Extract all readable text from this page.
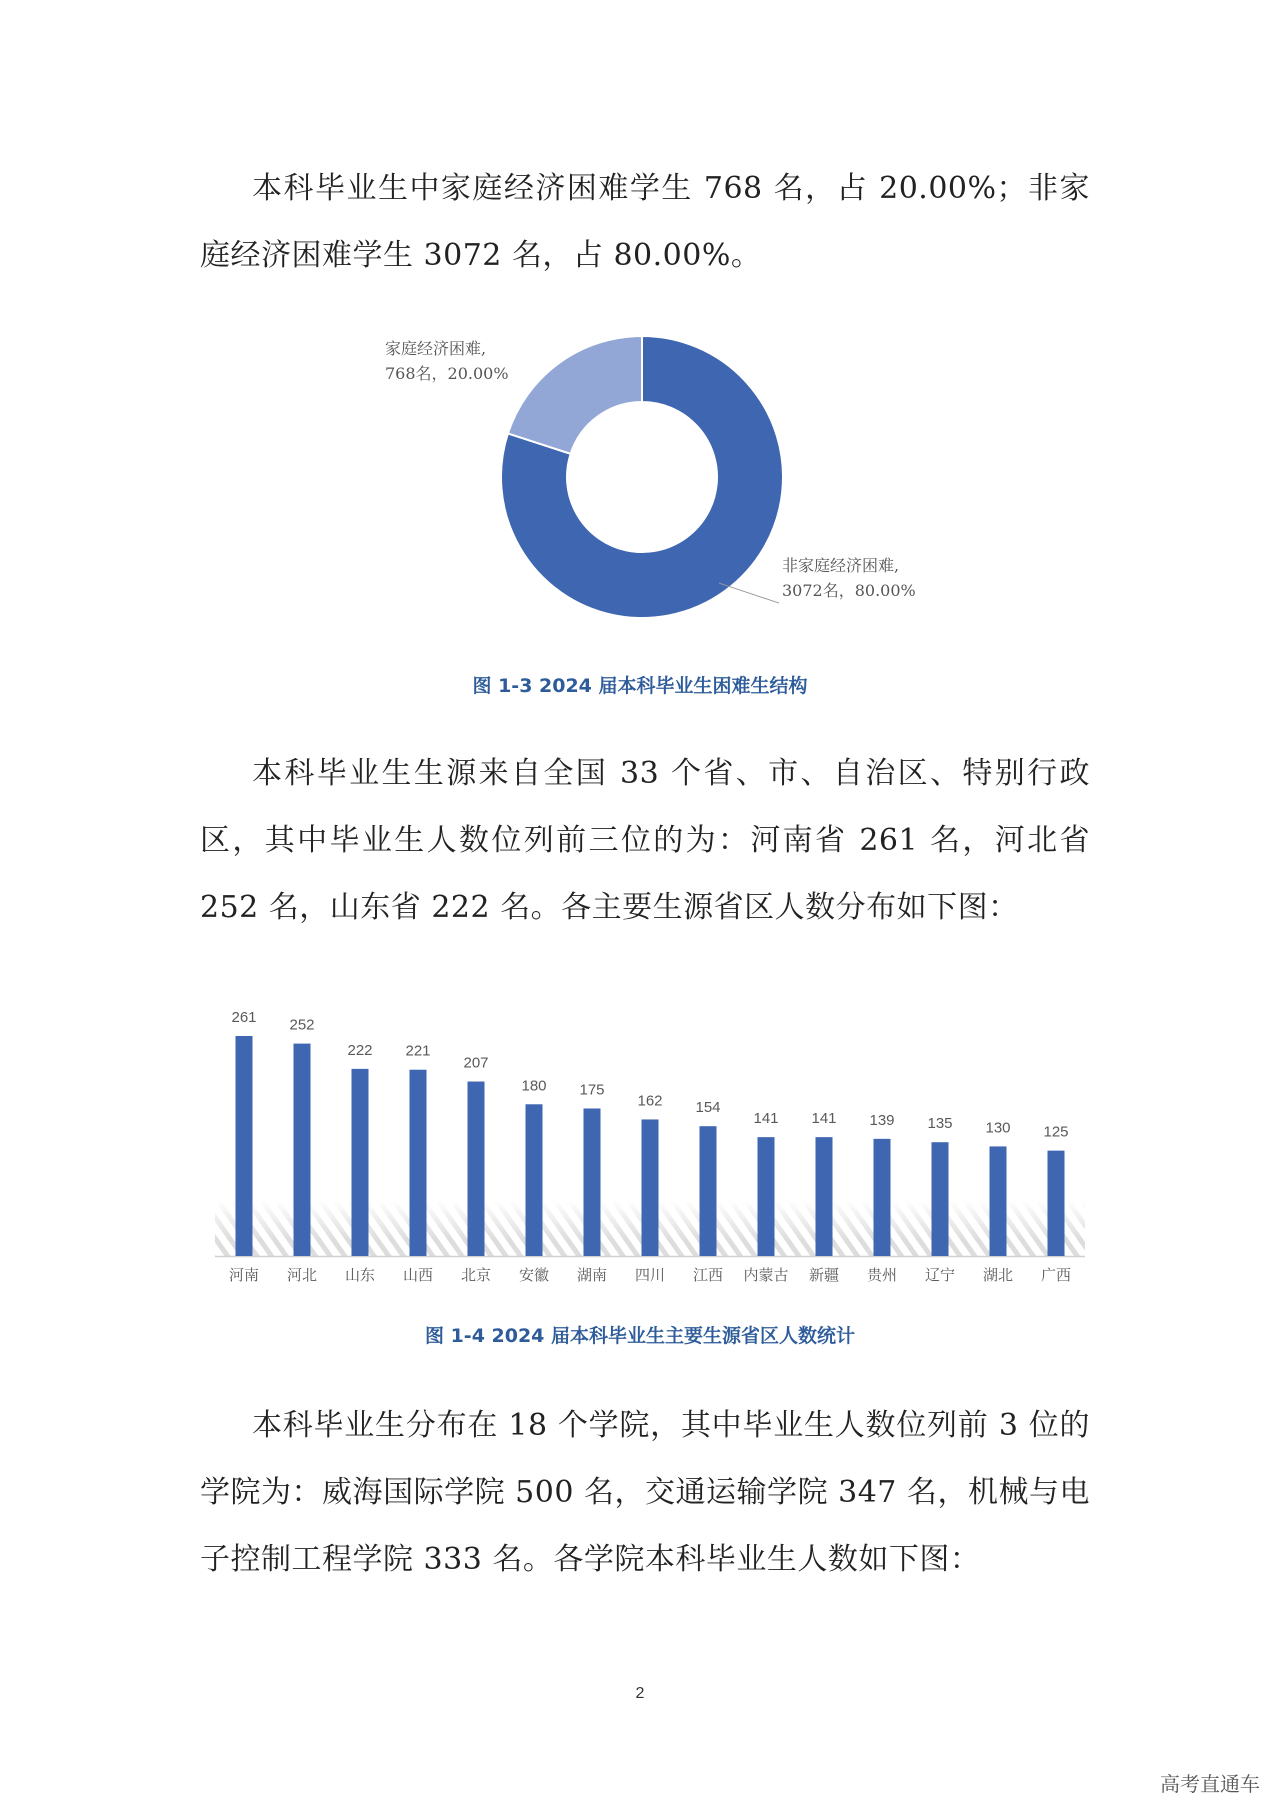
本科毕业生中家庭经济困难学生 768 名，占 20.00%；非家庭经济困难学生 3072 名，占 80.00%。

非家庭经济困难,
3072名，80.00%
家庭经济困难,
768名，20.00%
图 1-3 2024 届本科毕业生困难生结构

本科毕业生生源来自全国 33 个省、市、自治区、特别行政区，其中毕业生人数位列前三位的为：河南省 261 名，河北省 252 名，山东省 222 名。各主要生源省区人数分布如下图：

261
河南
252
河北
222
山东
221
山西
207
北京
180
安徽
175
湖南
162
四川
154
江西
141
内蒙古
141
新疆
139
贵州
135
辽宁
130
湖北
125
广西
图 1-4 2024 届本科毕业生主要生源省区人数统计

本科毕业生分布在 18 个学院，其中毕业生人数位列前 3 位的学院为：威海国际学院 500 名，交通运输学院 347 名，机械与电子控制工程学院 333 名。各学院本科毕业生人数如下图：

2
高考直通车
